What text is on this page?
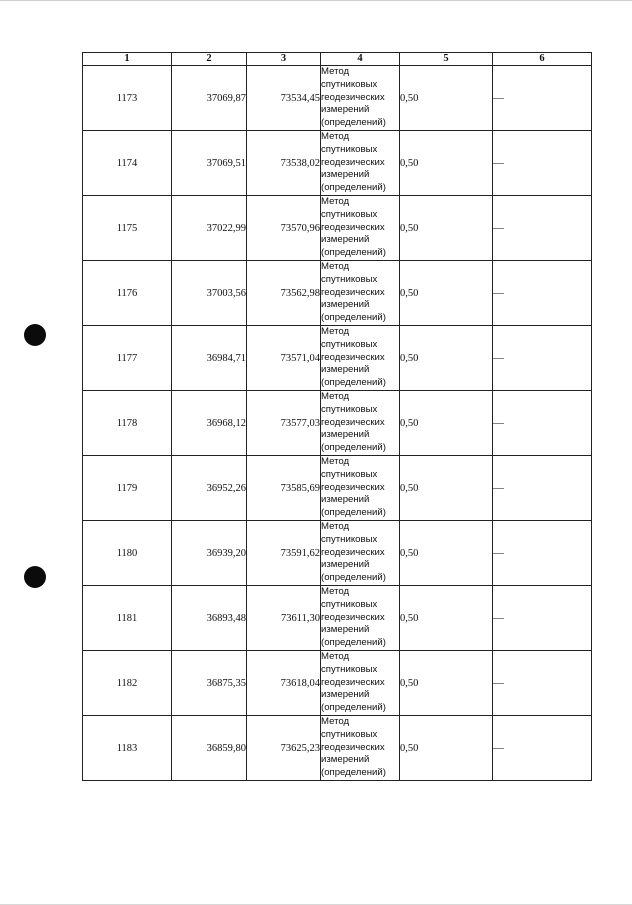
1	2	3	4	5	6
1173	37069,87	73534,45	Метод
спутниковых
геодезических
измерений
(определений)	0,50	—
1174	37069,51	73538,02	Метод
спутниковых
геодезических
измерений
(определений)	0,50	—
1175	37022,99	73570,96	Метод
спутниковых
геодезических
измерений
(определений)	0,50	—
1176	37003,56	73562,98	Метод
спутниковых
геодезических
измерений
(определений)	0,50	—
1177	36984,71	73571,04	Метод
спутниковых
геодезических
измерений
(определений)	0,50	—
1178	36968,12	73577,03	Метод
спутниковых
геодезических
измерений
(определений)	0,50	—
1179	36952,26	73585,69	Метод
спутниковых
геодезических
измерений
(определений)	0,50	—
1180	36939,20	73591,62	Метод
спутниковых
геодезических
измерений
(определений)	0,50	—
1181	36893,48	73611,30	Метод
спутниковых
геодезических
измерений
(определений)	0,50	—
1182	36875,35	73618,04	Метод
спутниковых
геодезических
измерений
(определений)	0,50	—
1183	36859,80	73625,23	Метод
спутниковых
геодезических
измерений
(определений)	0,50	—
